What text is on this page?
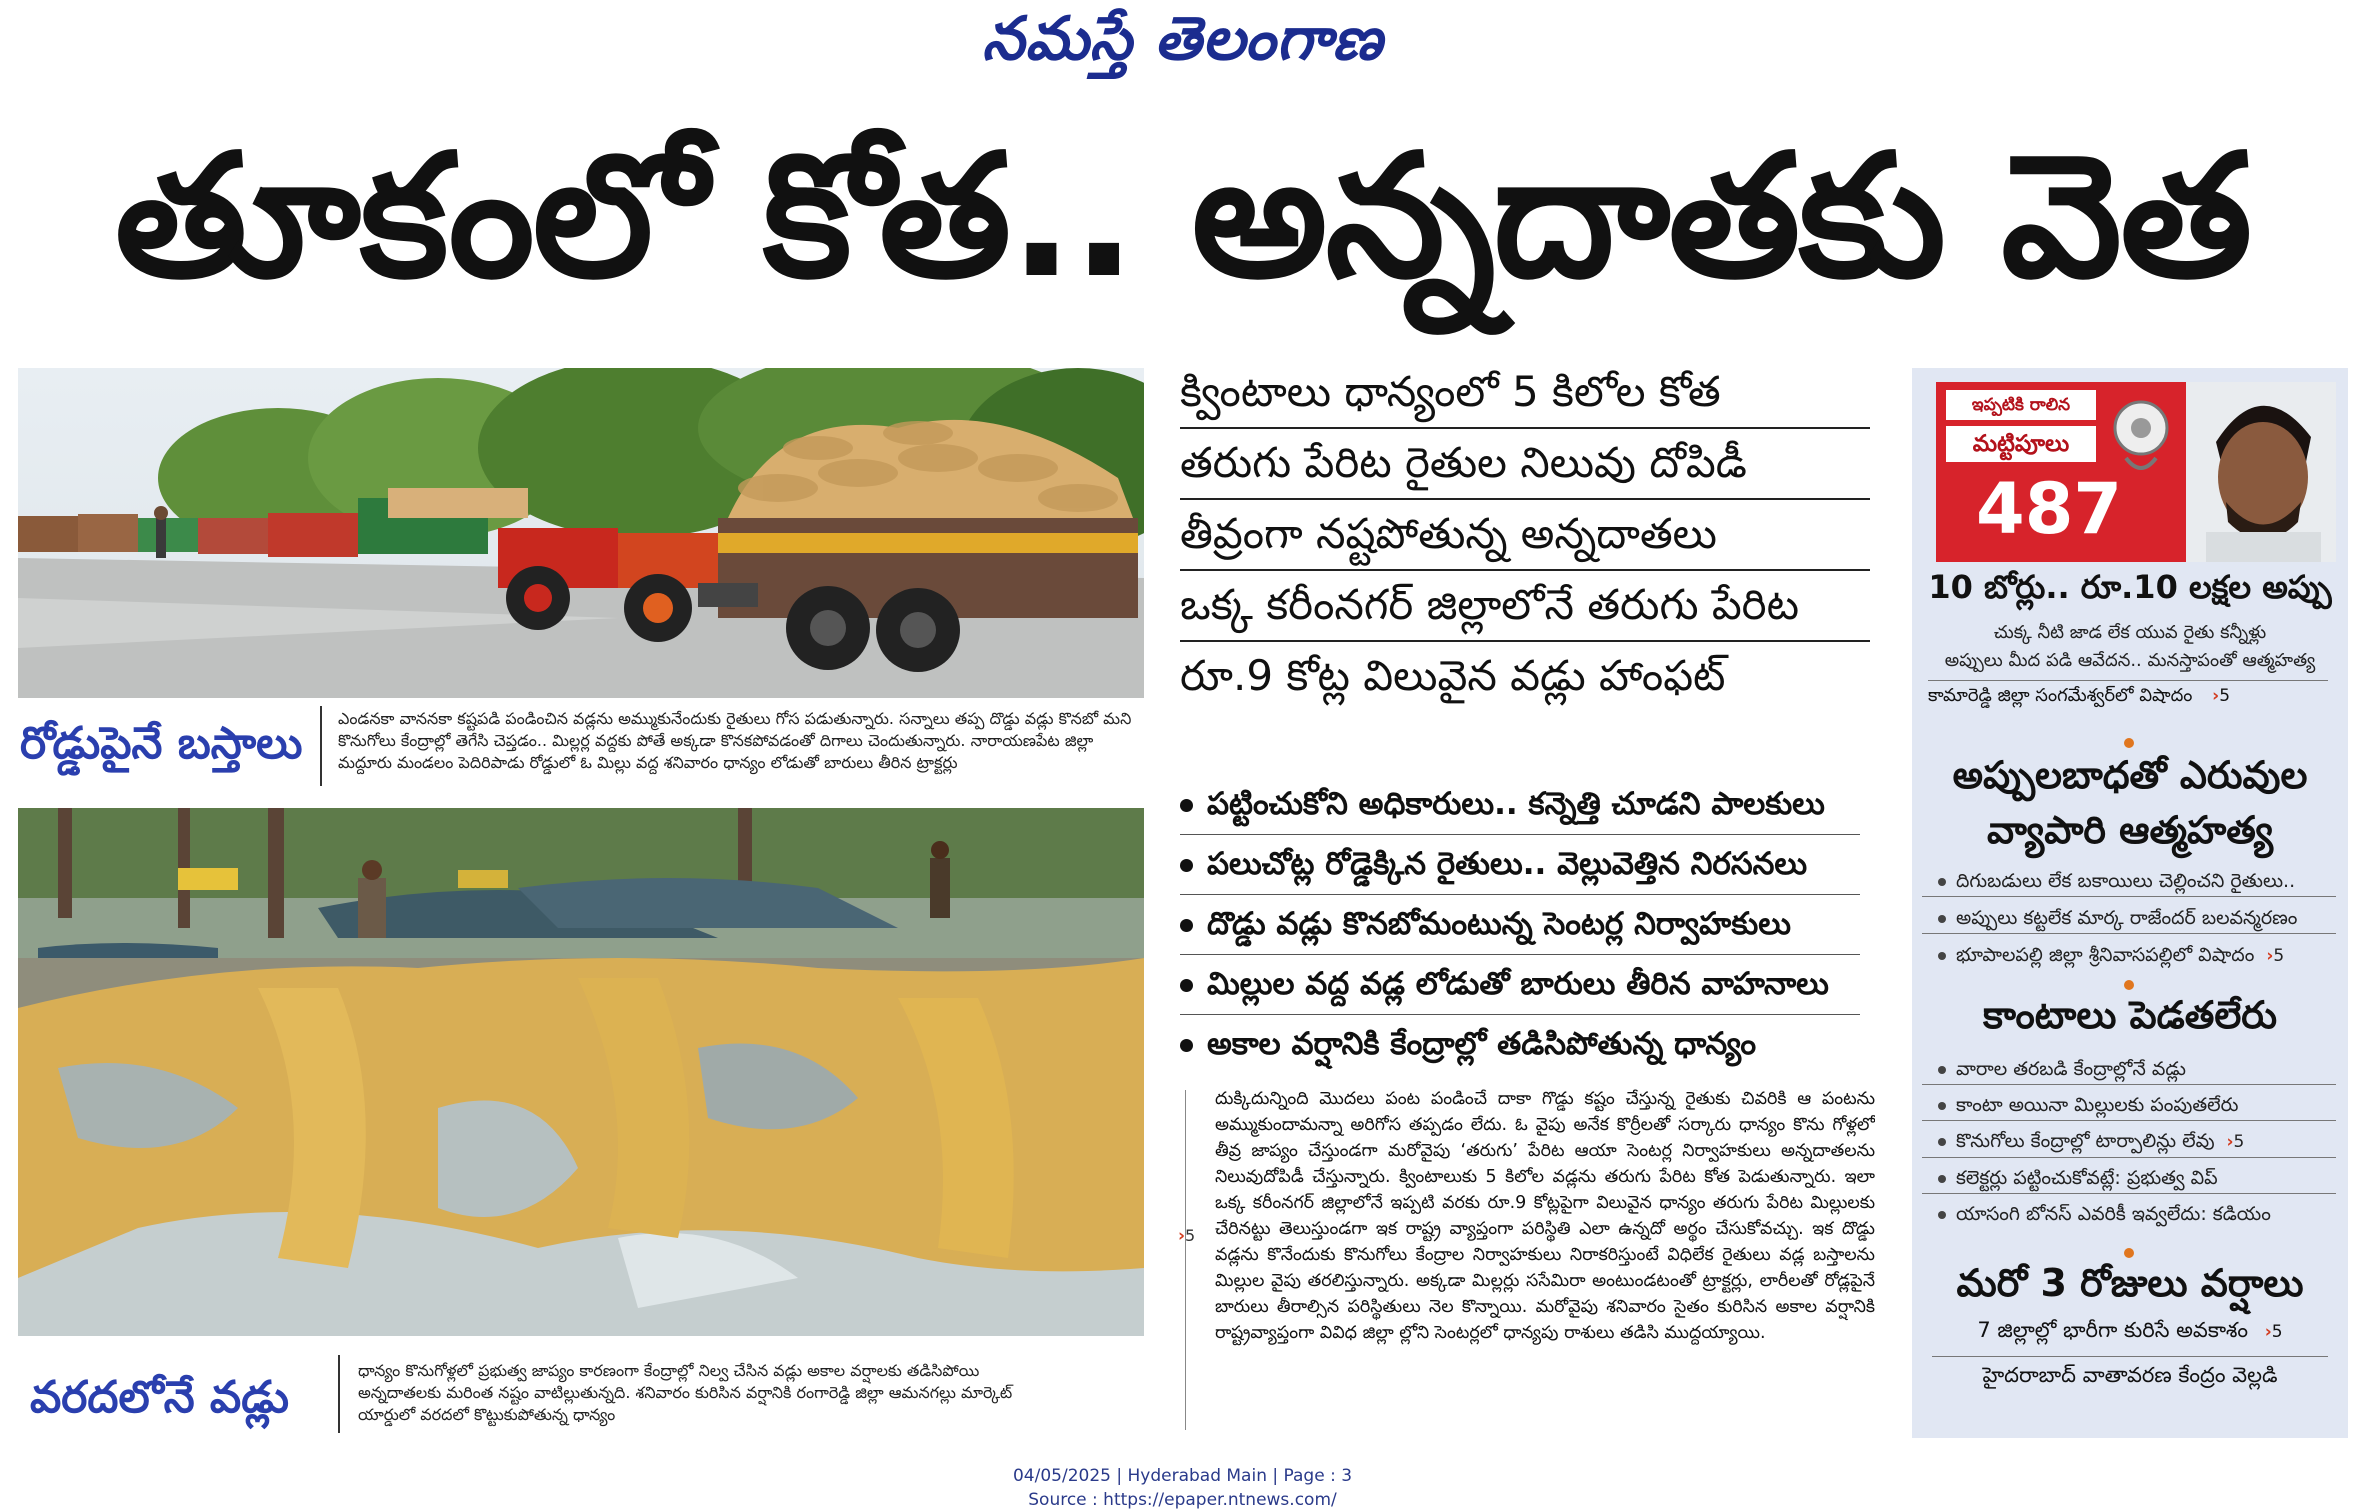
నమస్తే తెలంగాణ
తూకంలో కోత.. అన్నదాతకు వెత
రోడ్డుపైనే బస్తాలు	ఎండనకా వాననకా కష్టపడి పండించిన వడ్లను అమ్ముకునేందుకు రైతులు గోస పడుతున్నారు. సన్నాలు తప్ప దొడ్డు వడ్లు కొనబో మని కొనుగోలు కేంద్రాల్లో తెగేసి చెప్తడం.. మిల్లర్ల వద్దకు పోతే అక్కడా కొనకపోవడంతో దిగాలు చెందుతున్నారు. నారాయణపేట జిల్లా మద్దూరు మండలం పెదిరిపాడు రోడ్డులో ఓ మిల్లు వద్ద శనివారం ధాన్యం లోడుతో బారులు తీరిన ట్రాక్టర్లు
వరదలోనే వడ్లు
ధాన్యం కొనుగోళ్లలో ప్రభుత్వ జాప్యం కారణంగా కేంద్రాల్లో నిల్వ చేసిన వడ్లు అకాల వర్షాలకు తడిసిపోయి అన్నదాతలకు మరింత నష్టం వాటిల్లుతున్నది. శనివారం కురిసిన వర్షానికి రంగారెడ్డి జిల్లా ఆమనగల్లు మార్కెట్ యార్డులో వరదలో కొట్టుకుపోతున్న ధాన్యం
క్వింటాలు ధాన్యంలో 5 కిలోల కోత
తరుగు పేరిట రైతుల నిలువు దోపిడీ
తీవ్రంగా నష్టపోతున్న అన్నదాతలు
ఒక్క కరీంనగర్ జిల్లాలోనే తరుగు పేరిట
రూ.9 కోట్ల విలువైన వడ్లు హాంఫట్
పట్టించుకోని అధికారులు.. కన్నెత్తి చూడని పాలకులు
పలుచోట్ల రోడ్డెక్కిన రైతులు.. వెల్లువెత్తిన నిరసనలు
దొడ్డు వడ్లు కొనబోమంటున్న సెంటర్ల నిర్వాహకులు
మిల్లుల వద్ద వడ్ల లోడుతో బారులు తీరిన వాహనాలు
అకాల వర్షానికి కేంద్రాల్లో తడిసిపోతున్న ధాన్యం
›5
దుక్కిదున్నింది మొదలు పంట పండించే దాకా గొడ్డు కష్టం చేస్తున్న రైతుకు చివరికి ఆ పంటను అమ్ముకుందామన్నా అరిగోస తప్పడం లేదు. ఓ వైపు అనేక కొర్రీలతో సర్కారు ధాన్యం కొను గోళ్లలో తీవ్ర జాప్యం చేస్తుండగా మరోవైపు ‘తరుగు’ పేరిట ఆయా సెంటర్ల నిర్వాహకులు అన్నదాతలను నిలువుదోపిడీ చేస్తున్నారు. క్వింటాలుకు 5 కిలోల వడ్లను తరుగు పేరిట కోత పెడుతున్నారు. ఇలా ఒక్క కరీంనగర్ జిల్లాలోనే ఇప్పటి వరకు రూ.9 కోట్లపైగా విలువైన ధాన్యం తరుగు పేరిట మిల్లులకు చేరినట్టు తెలుస్తుండగా ఇక రాష్ట్ర వ్యాప్తంగా పరిస్థితి ఎలా ఉన్నదో అర్థం చేసుకోవచ్చు. ఇక దొడ్డు వడ్లను కొనేందుకు కొనుగోలు కేంద్రాల నిర్వాహకులు నిరాకరిస్తుంటే విధిలేక రైతులు వడ్ల బస్తాలను మిల్లుల వైపు తరలిస్తున్నారు. అక్కడా మిల్లర్లు ససేమిరా అంటుండటంతో ట్రాక్టర్లు, లారీలతో రోడ్లపైనే బారులు తీరాల్సిన పరిస్థితులు నెల కొన్నాయి. మరోవైపు శనివారం సైతం కురిసిన అకాల వర్షానికి రాష్ట్రవ్యాప్తంగా వివిధ జిల్లా ల్లోని సెంటర్లలో ధాన్యపు రాశులు తడిసి ముద్దయ్యాయి.
ఇప్పటికి రాలిన
మట్టిపూలు
487
10 బోర్లు.. రూ.10 లక్షల అప్పు
చుక్క నీటి జాడ లేక యువ రైతు కన్నీళ్లు
అప్పులు మీద పడి ఆవేదన.. మనస్తాపంతో ఆత్మహత్య
కామారెడ్డి జిల్లా సంగమేశ్వర్‌లో విషాదం ›5
అప్పులబాధతో ఎరువుల
వ్యాపారి ఆత్మహత్య
దిగుబడులు లేక బకాయిలు చెల్లించని రైతులు..
అప్పులు కట్టలేక మార్క రాజేందర్ బలవన్మరణం
భూపాలపల్లి జిల్లా శ్రీనివాసపల్లిలో విషాదం ›5
కాంటాలు పెడతలేరు
వారాల తరబడి కేంద్రాల్లోనే వడ్లు
కాంటా అయినా మిల్లులకు పంపుతలేరు
కొనుగోలు కేంద్రాల్లో టార్పాలిన్లు లేవు ›5
కలెక్టర్లు పట్టించుకోవట్లే: ప్రభుత్వ విప్
యాసంగి బోనస్ ఎవరికీ ఇవ్వలేదు: కడియం
మరో 3 రోజులు వర్షాలు
7 జిల్లాల్లో భారీగా కురిసే అవకాశం ›5
హైదరాబాద్ వాతావరణ కేంద్రం వెల్లడి
04/05/2025 | Hyderabad Main | Page : 3
Source : https://epaper.ntnews.com/
